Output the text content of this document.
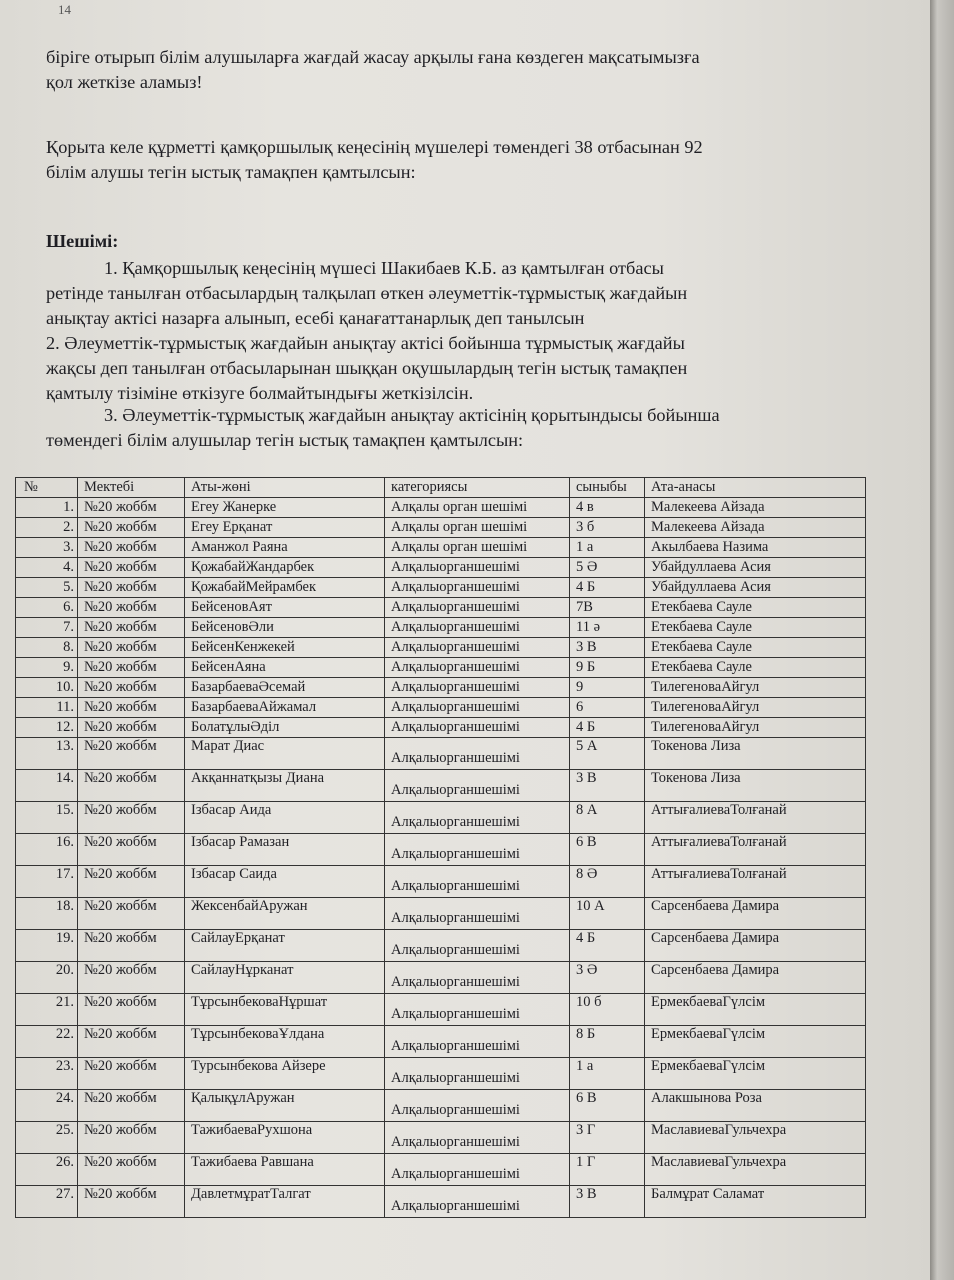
14

біріге отырып білім алушыларға жағдай жасау арқылы ғана көздеген мақсатымызға
қол жеткізе аламыз!

Қорыта келе құрметті қамқоршылық кеңесінің мүшелері төмендегі 38 отбасынан 92
білім алушы тегін ыстық тамақпен қамтылсын:

Шешімі:

1. Қамқоршылық кеңесінің мүшесі Шакибаев К.Б. аз қамтылған отбасы
ретінде танылған отбасылардың талқылап өткен әлеуметтік-тұрмыстық жағдайын
анықтау актісі назарға алынып, есебі қанағаттанарлық деп танылсын
2. Әлеуметтік-тұрмыстық жағдайын анықтау актісі бойынша тұрмыстық жағдайы
жақсы деп танылған отбасыларынан шыққан оқушылардың тегін ыстық тамақпен
қамтылу тізіміне өткізуге болмайтындығы жеткізілсін.

3. Әлеуметтік-тұрмыстық жағдайын анықтау актісінің қорытындысы бойынша
төмендегі білім алушылар тегін ыстық тамақпен қамтылсын:

№	Мектебі	Аты-жөні	категориясы	сыныбы	Ата-анасы
1.	№20 жоббм	Егеу Жанерке	Алқалы орган шешімі	4 в	Малекеева Айзада
2.	№20 жоббм	Егеу Ерқанат	Алқалы орган шешімі	3 б	Малекеева Айзада
3.	№20 жоббм	Аманжол Раяна	Алқалы орган шешімі	1 а	Акылбаева Назима
4.	№20 жоббм	ҚожабайЖандарбек	Алқалыорганшешімі	5 Ә	Убайдуллаева Асия
5.	№20 жоббм	ҚожабайМейрамбек	Алқалыорганшешімі	4 Б	Убайдуллаева Асия
6.	№20 жоббм	БейсеновАят	Алқалыорганшешімі	7В	Етекбаева Сауле
7.	№20 жоббм	БейсеновӘли	Алқалыорганшешімі	11 ә	Етекбаева Сауле
8.	№20 жоббм	БейсенКенжекей	Алқалыорганшешімі	3 В	Етекбаева Сауле
9.	№20 жоббм	БейсенАяна	Алқалыорганшешімі	9 Б	Етекбаева Сауле
10.	№20 жоббм	БазарбаеваӘсемай	Алқалыорганшешімі	9	ТилегеноваАйгул
11.	№20 жоббм	БазарбаеваАйжамал	Алқалыорганшешімі	6	ТилегеноваАйгул
12.	№20 жоббм	БолатұлыӘділ	Алқалыорганшешімі	4 Б	ТилегеноваАйгул
13.	№20 жоббм	Марат Диас	Алқалыорганшешімі	5 А	Токенова Лиза
14.	№20 жоббм	Акқаннатқызы Диана	Алқалыорганшешімі	3 В	Токенова Лиза
15.	№20 жоббм	Ізбасар Аида	Алқалыорганшешімі	8 А	АттығалиеваТолғанай
16.	№20 жоббм	Ізбасар Рамазан	Алқалыорганшешімі	6 В	АттығалиеваТолғанай
17.	№20 жоббм	Ізбасар Саида	Алқалыорганшешімі	8 Ә	АттығалиеваТолғанай
18.	№20 жоббм	ЖексенбайАружан	Алқалыорганшешімі	10 А	Сарсенбаева Дамира
19.	№20 жоббм	СайлауЕрқанат	Алқалыорганшешімі	4 Б	Сарсенбаева Дамира
20.	№20 жоббм	СайлауНұрканат	Алқалыорганшешімі	3 Ә	Сарсенбаева Дамира
21.	№20 жоббм	ТұрсынбековаНұршат	Алқалыорганшешімі	10 б	ЕрмекбаеваГүлсім
22.	№20 жоббм	ТұрсынбековаҰлдана	Алқалыорганшешімі	8 Б	ЕрмекбаеваГүлсім
23.	№20 жоббм	Турсынбекова Айзере	Алқалыорганшешімі	1 а	ЕрмекбаеваГүлсім
24.	№20 жоббм	ҚалықұлАружан	Алқалыорганшешімі	6 В	Алакшынова Роза
25.	№20 жоббм	ТажибаеваРухшона	Алқалыорганшешімі	3 Г	МаславиеваГульчехра
26.	№20 жоббм	Тажибаева Равшана	Алқалыорганшешімі	1 Г	МаславиеваГульчехра
27.	№20 жоббм	ДавлетмұратТалгат	Алқалыорганшешімі	3 В	Балмұрат Саламат
